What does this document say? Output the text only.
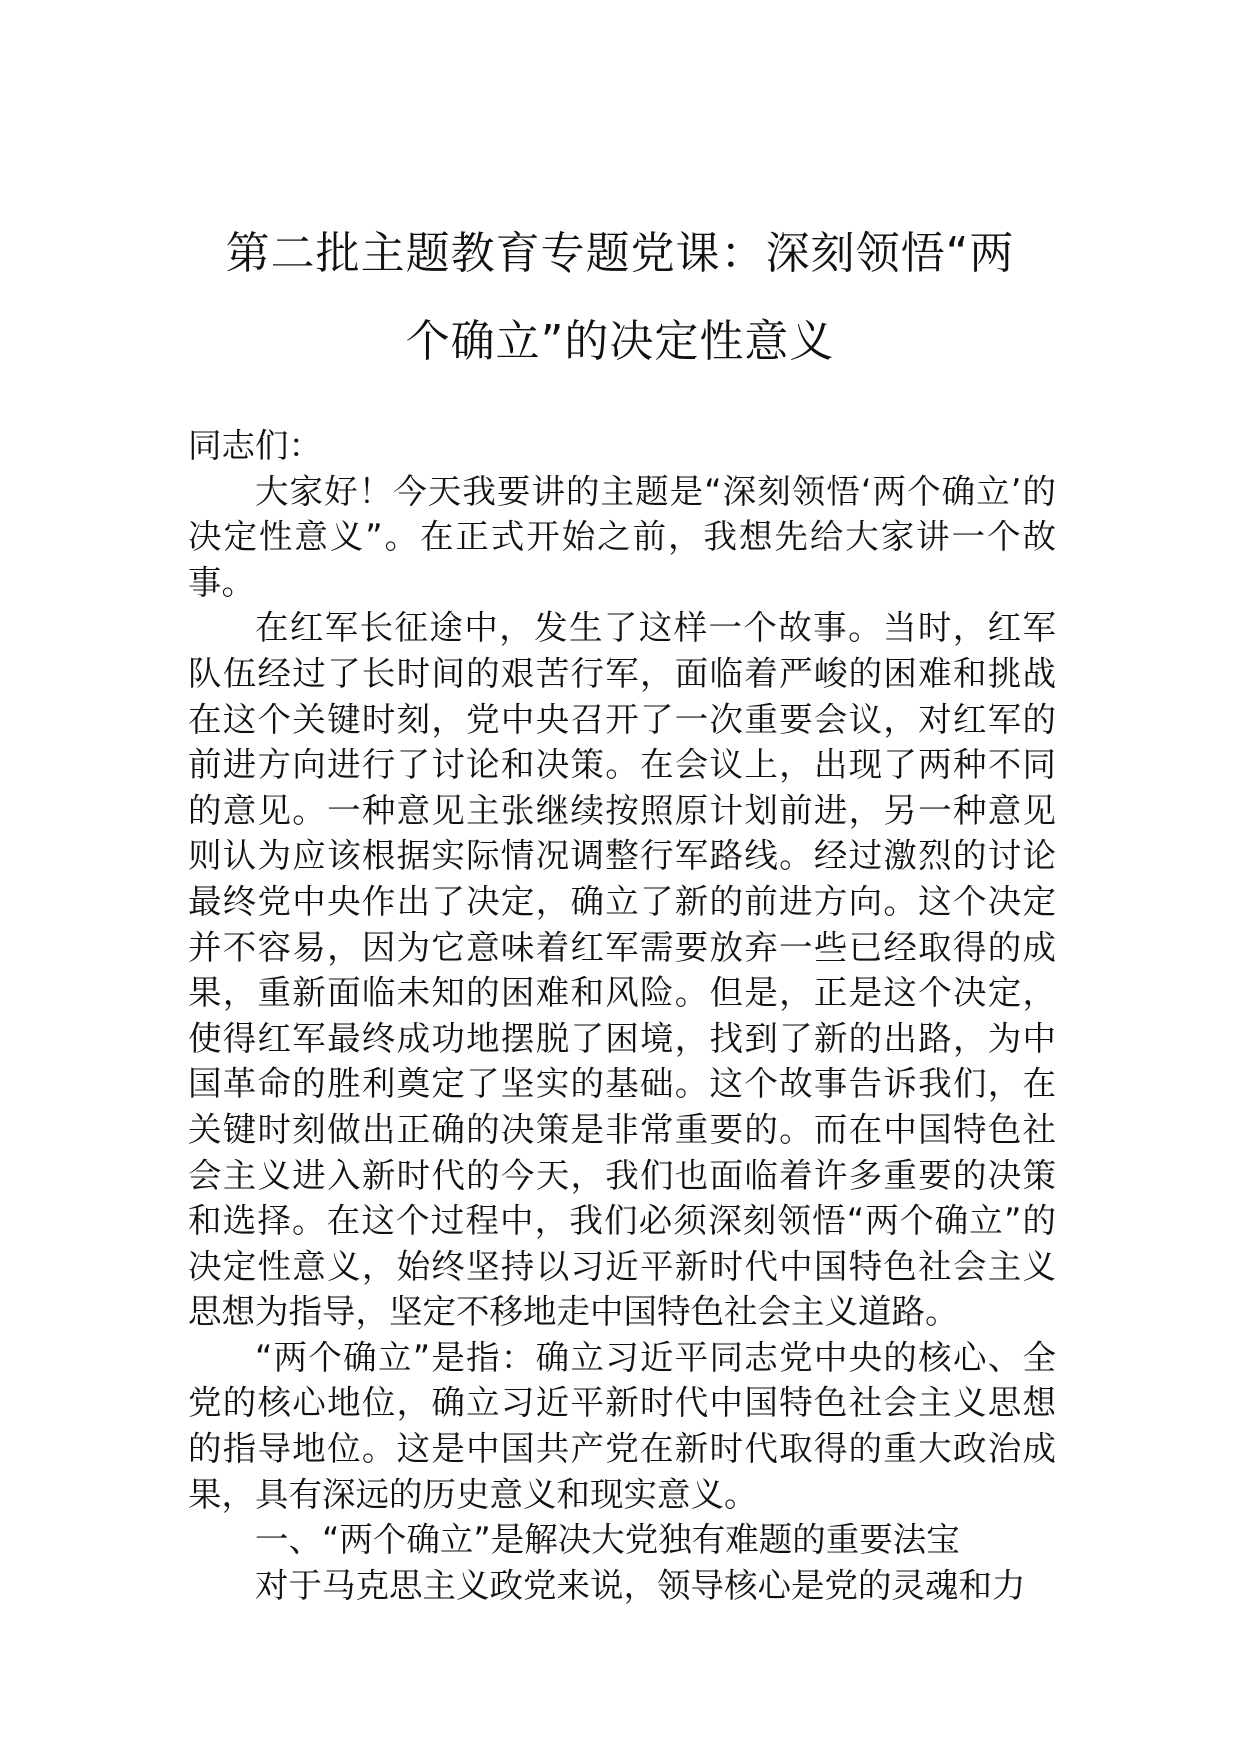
第二批主题教育专题党课：深刻领悟“两
个确立”的决定性意义

同志们：

大家好！今天我要讲的主题是“深刻领悟‘两个确立’的决定性意义”。在正式开始之前，我想先给大家讲一个故事。

在红军长征途中，发生了这样一个故事。当时，红军队伍经过了长时间的艰苦行军，面临着严峻的困难和挑战在这个关键时刻，党中央召开了一次重要会议，对红军的前进方向进行了讨论和决策。在会议上，出现了两种不同的意见。一种意见主张继续按照原计划前进，另一种意见则认为应该根据实际情况调整行军路线。经过激烈的讨论最终党中央作出了决定，确立了新的前进方向。这个决定并不容易，因为它意味着红军需要放弃一些已经取得的成果，重新面临未知的困难和风险。但是，正是这个决定，使得红军最终成功地摆脱了困境，找到了新的出路，为中国革命的胜利奠定了坚实的基础。这个故事告诉我们，在关键时刻做出正确的决策是非常重要的。而在中国特色社会主义进入新时代的今天，我们也面临着许多重要的决策和选择。在这个过程中，我们必须深刻领悟“两个确立”的决定性意义，始终坚持以习近平新时代中国特色社会主义思想为指导，坚定不移地走中国特色社会主义道路。

“两个确立”是指：确立习近平同志党中央的核心、全党的核心地位，确立习近平新时代中国特色社会主义思想的指导地位。这是中国共产党在新时代取得的重大政治成果，具有深远的历史意义和现实意义。

一、“两个确立”是解决大党独有难题的重要法宝

对于马克思主义政党来说，领导核心是党的灵魂和力
